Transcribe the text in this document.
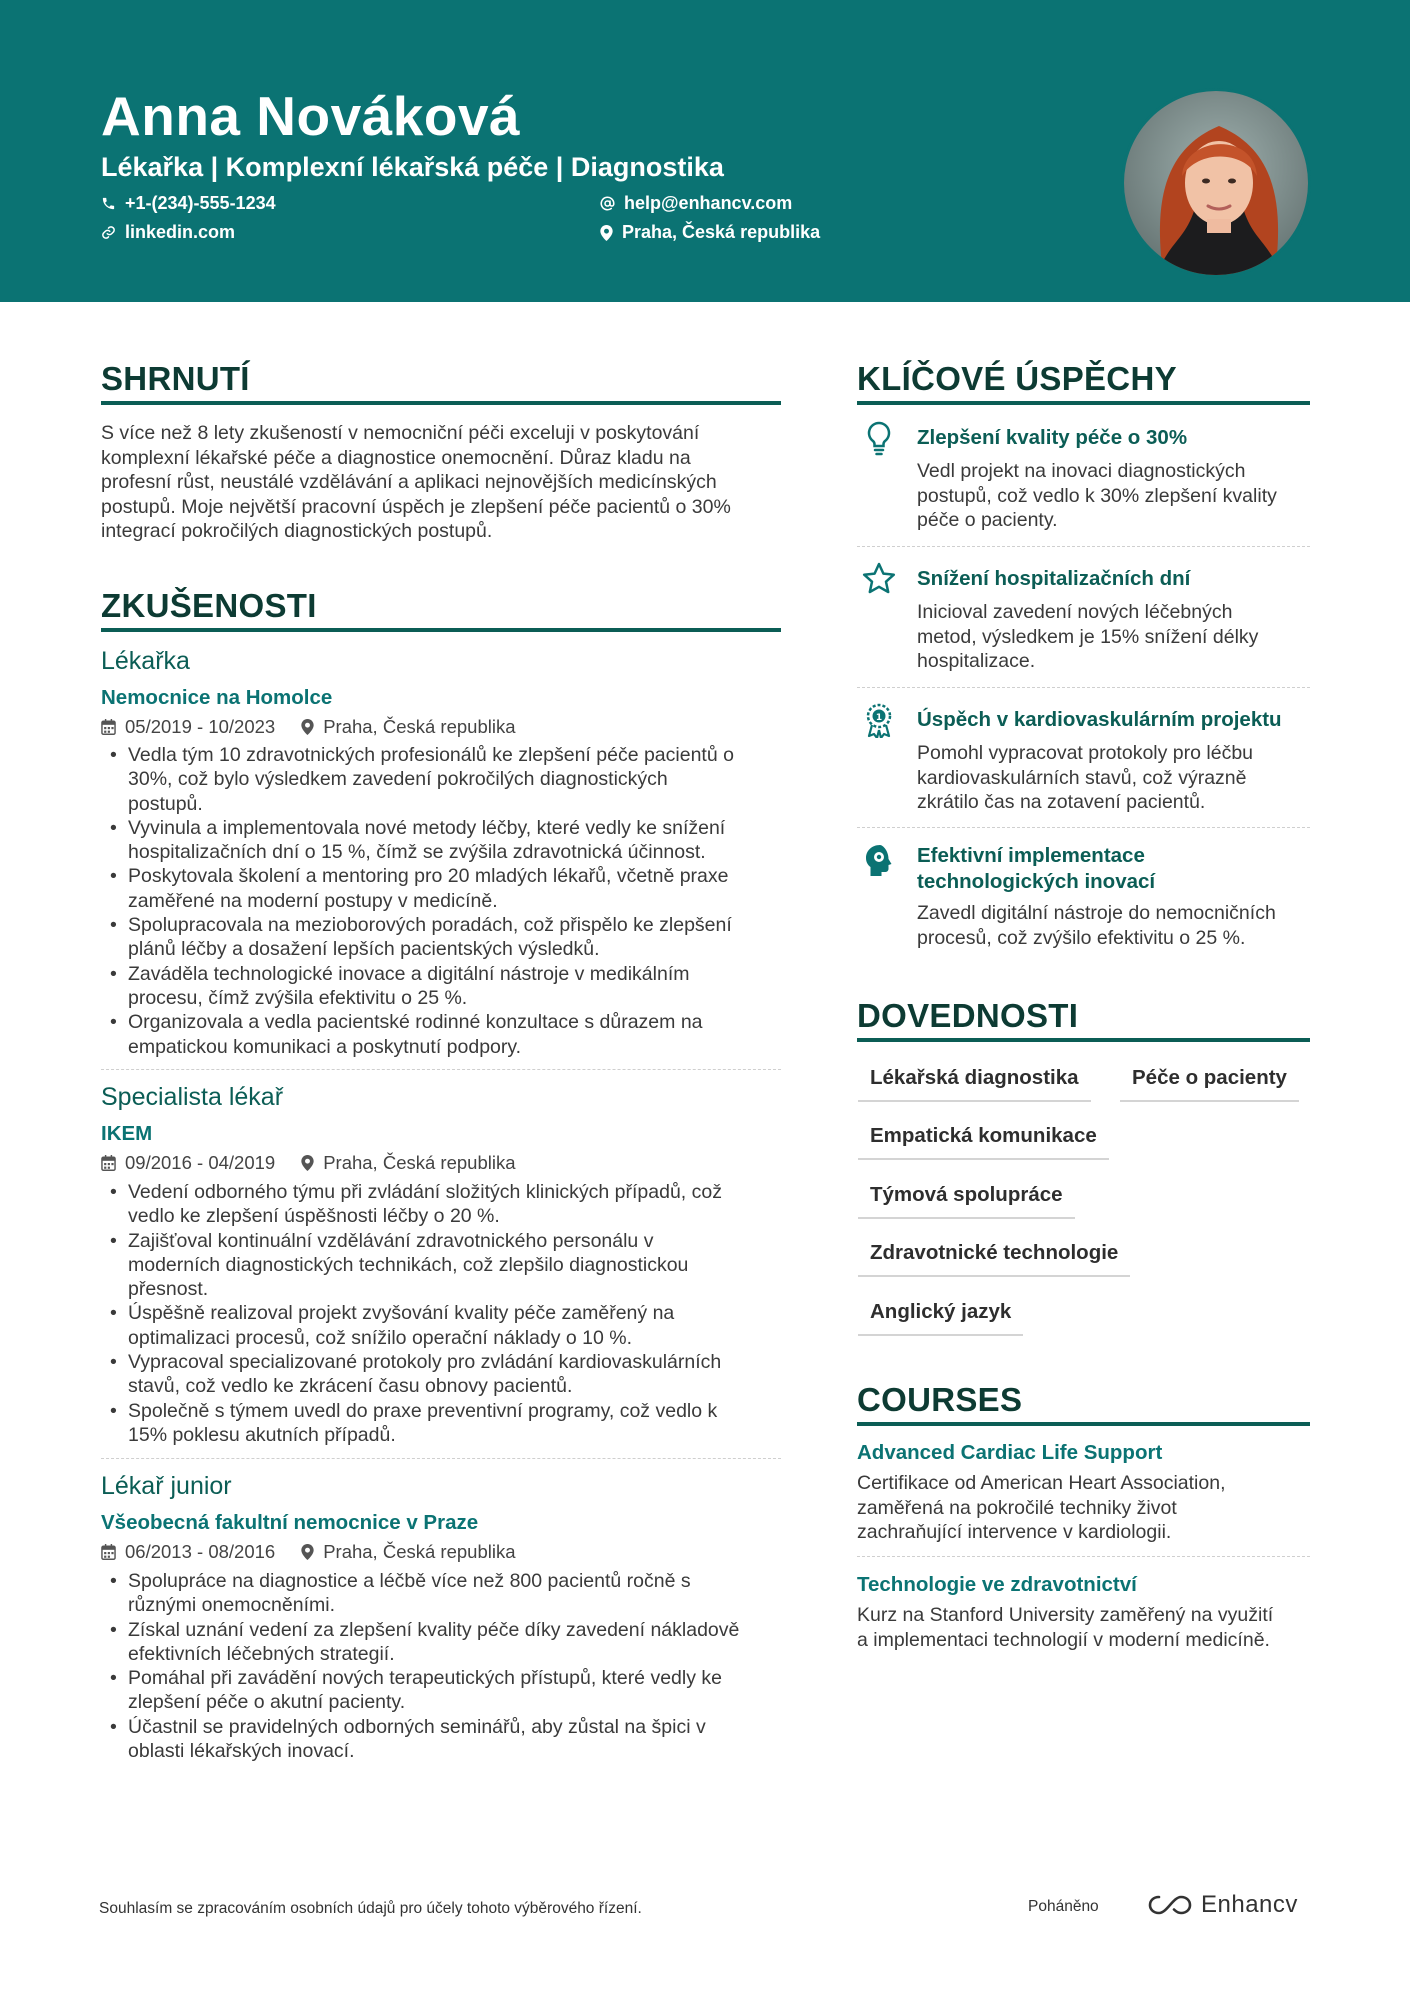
Anna Nováková
Lékařka | Komplexní lékařská péče | Diagnostika
+1-(234)-555-1234
linkedin.com
help@enhancv.com
Praha, Česká republika
SHRNUTÍ
S více než 8 lety zkušeností v nemocniční péči exceluji v poskytování
komplexní lékařské péče a diagnostice onemocnění. Důraz kladu na
profesní růst, neustálé vzdělávání a aplikaci nejnovějších medicínských
postupů. Moje největší pracovní úspěch je zlepšení péče pacientů o 30%
integrací pokročilých diagnostických postupů.
ZKUŠENOSTI
Lékařka
Nemocnice na Homolce
05/2019 - 10/2023	Praha, Česká republika
• Vedla tým 10 zdravotnických profesionálů ke zlepšení péče pacientů o
30%, což bylo výsledkem zavedení pokročilých diagnostických
postupů.
• Vyvinula a implementovala nové metody léčby, které vedly ke snížení
hospitalizačních dní o 15 %, čímž se zvýšila zdravotnická účinnost.
• Poskytovala školení a mentoring pro 20 mladých lékařů, včetně praxe
zaměřené na moderní postupy v medicíně.
• Spolupracovala na mezioborových poradách, což přispělo ke zlepšení
plánů léčby a dosažení lepších pacientských výsledků.
• Zaváděla technologické inovace a digitální nástroje v medikálním
procesu, čímž zvýšila efektivitu o 25 %.
• Organizovala a vedla pacientské rodinné konzultace s důrazem na
empatickou komunikaci a poskytnutí podpory.
Specialista lékař
IKEM
09/2016 - 04/2019	Praha, Česká republika
• Vedení odborného týmu při zvládání složitých klinických případů, což
vedlo ke zlepšení úspěšnosti léčby o 20 %.
• Zajišťoval kontinuální vzdělávání zdravotnického personálu v
moderních diagnostických technikách, což zlepšilo diagnostickou
přesnost.
• Úspěšně realizoval projekt zvyšování kvality péče zaměřený na
optimalizaci procesů, což snížilo operační náklady o 10 %.
• Vypracoval specializované protokoly pro zvládání kardiovaskulárních
stavů, což vedlo ke zkrácení času obnovy pacientů.
• Společně s týmem uvedl do praxe preventivní programy, což vedlo k
15% poklesu akutních případů.
Lékař junior
Všeobecná fakultní nemocnice v Praze
06/2013 - 08/2016	Praha, Česká republika
• Spolupráce na diagnostice a léčbě více než 800 pacientů ročně s
různými onemocněními.
• Získal uznání vedení za zlepšení kvality péče díky zavedení nákladově
efektivních léčebných strategií.
• Pomáhal při zavádění nových terapeutických přístupů, které vedly ke
zlepšení péče o akutní pacienty.
• Účastnil se pravidelných odborných seminářů, aby zůstal na špici v
oblasti lékařských inovací.
KLÍČOVÉ ÚSPĚCHY
Zlepšení kvality péče o 30%
Vedl projekt na inovaci diagnostických
postupů, což vedlo k 30% zlepšení kvality
péče o pacienty.
Snížení hospitalizačních dní
Inicioval zavedení nových léčebných
metod, výsledkem je 15% snížení délky
hospitalizace.
1 Úspěch v kardiovaskulárním projektu
Pomohl vypracovat protokoly pro léčbu
kardiovaskulárních stavů, což výrazně
zkrátilo čas na zotavení pacientů.
Efektivní implementace
technologických inovací
Zavedl digitální nástroje do nemocničních
procesů, což zvýšilo efektivitu o 25 %.
DOVEDNOSTI
Lékařská diagnostika	Péče o pacienty
Empatická komunikace
Týmová spolupráce
Zdravotnické technologie
Anglický jazyk
COURSES
Advanced Cardiac Life Support
Certifikace od American Heart Association,
zaměřená na pokročilé techniky život
zachraňující intervence v kardiologii.
Technologie ve zdravotnictví
Kurz na Stanford University zaměřený na využití
a implementaci technologií v moderní medicíně.
Souhlasím se zpracováním osobních údajů pro účely tohoto výběrového řízení.	Poháněno	Enhancv
